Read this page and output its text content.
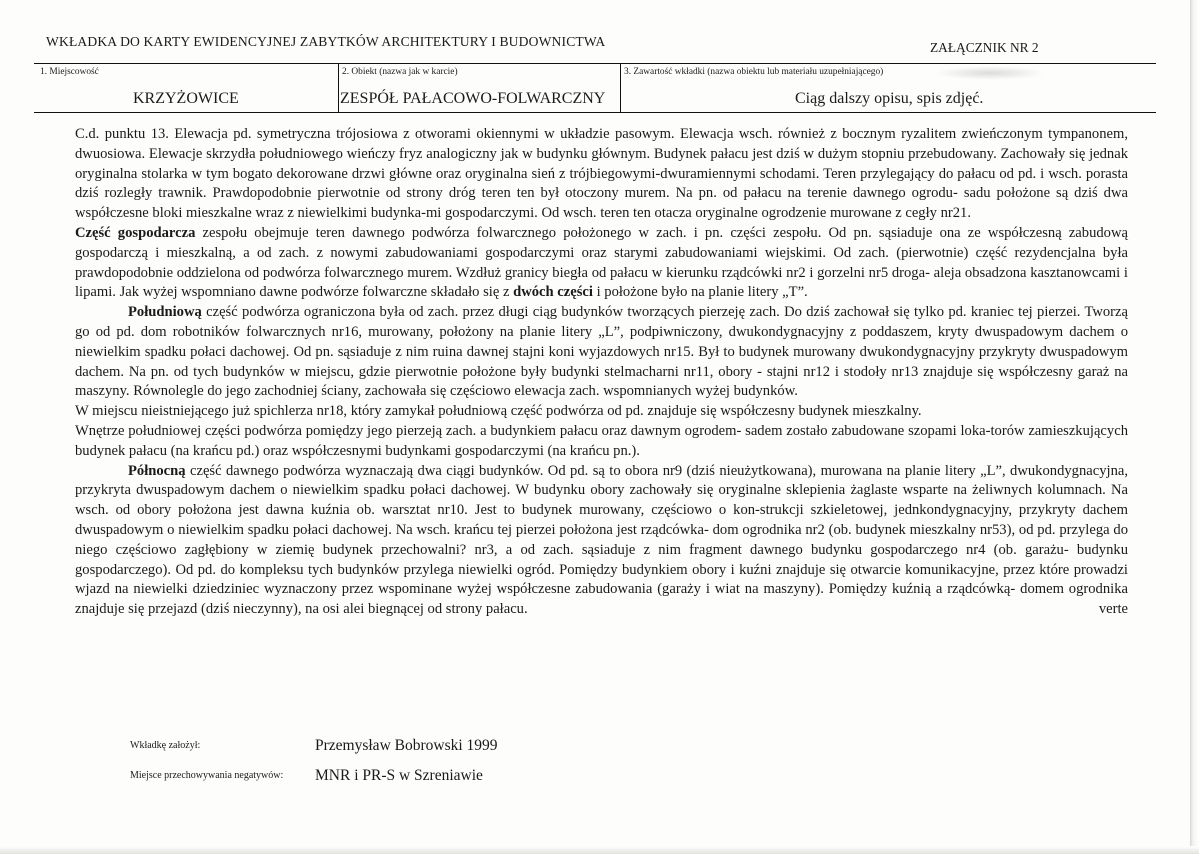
WKŁADKA DO KARTY EWIDENCYJNEJ ZABYTKÓW ARCHITEKTURY I BUDOWNICTWA	ZAŁĄCZNIK NR 2
1. Miejscowość	2. Obiekt (nazwa jak w karcie)	3. Zawartość wkładki (nazwa obiektu lub materiału uzupełniającego)
KRZYŻOWICE	ZESPÓŁ PAŁACOWO-FOLWARCZNY	Ciąg dalszy opisu, spis zdjęć.

C.d. punktu 13. Elewacja pd. symetryczna trójosiowa z otworami okiennymi w układzie pasowym. Elewacja wsch. również z bocznym ryzalitem zwieńczonym tympanonem, dwuosiowa. Elewacje skrzydła południowego wieńczy fryz analogiczny jak w budynku głównym. Budynek pałacu jest dziś w dużym stopniu przebudowany. Zachowały się jednak oryginalna stolarka w tym bogato dekorowane drzwi główne oraz oryginalna sień z trójbiegowymi-dwuramiennymi schodami. Teren przylegający do pałacu od pd. i wsch. porasta dziś rozległy trawnik. Prawdopodobnie pierwotnie od strony dróg teren ten był otoczony murem. Na pn. od pałacu na terenie dawnego ogrodu- sadu położone są dziś dwa współczesne bloki mieszkalne wraz z niewielkimi budynka-mi gospodarczymi. Od wsch. teren ten otacza oryginalne ogrodzenie murowane z cegły nr21.

Część gospodarcza zespołu obejmuje teren dawnego podwórza folwarcznego położonego w zach. i pn. części zespołu. Od pn. sąsiaduje ona ze współczesną zabudową gospodarczą i mieszkalną, a od zach. z nowymi zabudowaniami gospodarczymi oraz starymi zabudowaniami wiejskimi. Od zach. (pierwotnie) część rezydencjalna była prawdopodobnie oddzielona od podwórza folwarcznego murem. Wzdłuż granicy biegła od pałacu w kierunku rządcówki nr2 i gorzelni nr5 droga- aleja obsadzona kasztanowcami i lipami. Jak wyżej wspomniano dawne podwórze folwarczne składało się z dwóch części i położone było na planie litery „T”.

Południową część podwórza ograniczona była od zach. przez długi ciąg budynków tworzących pierzeję zach. Do dziś zachował się tylko pd. kraniec tej pierzei. Tworzą go od pd. dom robotników folwarcznych nr16, murowany, położony na planie litery „L”, podpiwniczony, dwukondygnacyjny z poddaszem, kryty dwuspadowym dachem o niewielkim spadku połaci dachowej. Od pn. sąsiaduje z nim ruina dawnej stajni koni wyjazdowych nr15. Był to budynek murowany dwukondygnacyjny przykryty dwuspadowym dachem. Na pn. od tych budynków w miejscu, gdzie pierwotnie położone były budynki stelmacharni nr11, obory - stajni nr12 i stodoły nr13 znajduje się współczesny garaż na maszyny. Równolegle do jego zachodniej ściany, zachowała się częściowo elewacja zach. wspomnianych wyżej budynków.

W miejscu nieistniejącego już spichlerza nr18, który zamykał południową część podwórza od pd. znajduje się współczesny budynek mieszkalny.

Wnętrze południowej części podwórza pomiędzy jego pierzeją zach. a budynkiem pałacu oraz dawnym ogrodem- sadem zostało zabudowane szopami loka-torów zamieszkujących budynek pałacu (na krańcu pd.) oraz współczesnymi budynkami gospodarczymi (na krańcu pn.).

Północną część dawnego podwórza wyznaczają dwa ciągi budynków. Od pd. są to obora nr9 (dziś nieużytkowana), murowana na planie litery „L”, dwukondygnacyjna, przykryta dwuspadowym dachem o niewielkim spadku połaci dachowej. W budynku obory zachowały się oryginalne sklepienia żaglaste wsparte na żeliwnych kolumnach. Na wsch. od obory położona jest dawna kuźnia ob. warsztat nr10. Jest to budynek murowany, częściowo o kon-strukcji szkieletowej, jednkondygnacyjny, przykryty dachem dwuspadowym o niewielkim spadku połaci dachowej. Na wsch. krańcu tej pierzei położona jest rządcówka- dom ogrodnika nr2 (ob. budynek mieszkalny nr53), od pd. przylega do niego częściowo zagłębiony w ziemię budynek przechowalni? nr3, a od zach. sąsiaduje z nim fragment dawnego budynku gospodarczego nr4 (ob. garażu- budynku gospodarczego). Od pd. do kompleksu tych budynków przylega niewielki ogród. Pomiędzy budynkiem obory i kuźni znajduje się otwarcie komunikacyjne, przez które prowadzi wjazd na niewielki dziedziniec wyznaczony przez wspominane wyżej współczesne zabudowania (garaży i wiat na maszyny). Pomiędzy kuźnią a rządcówką- domem ogrodnika znajduje się przejazd (dziś nieczynny), na osi alei biegnącej od strony pałacu.	verte

Wkładkę założył:	Przemysław Bobrowski 1999
Miejsce przechowywania negatywów: MNR i PR-S w Szreniawie
